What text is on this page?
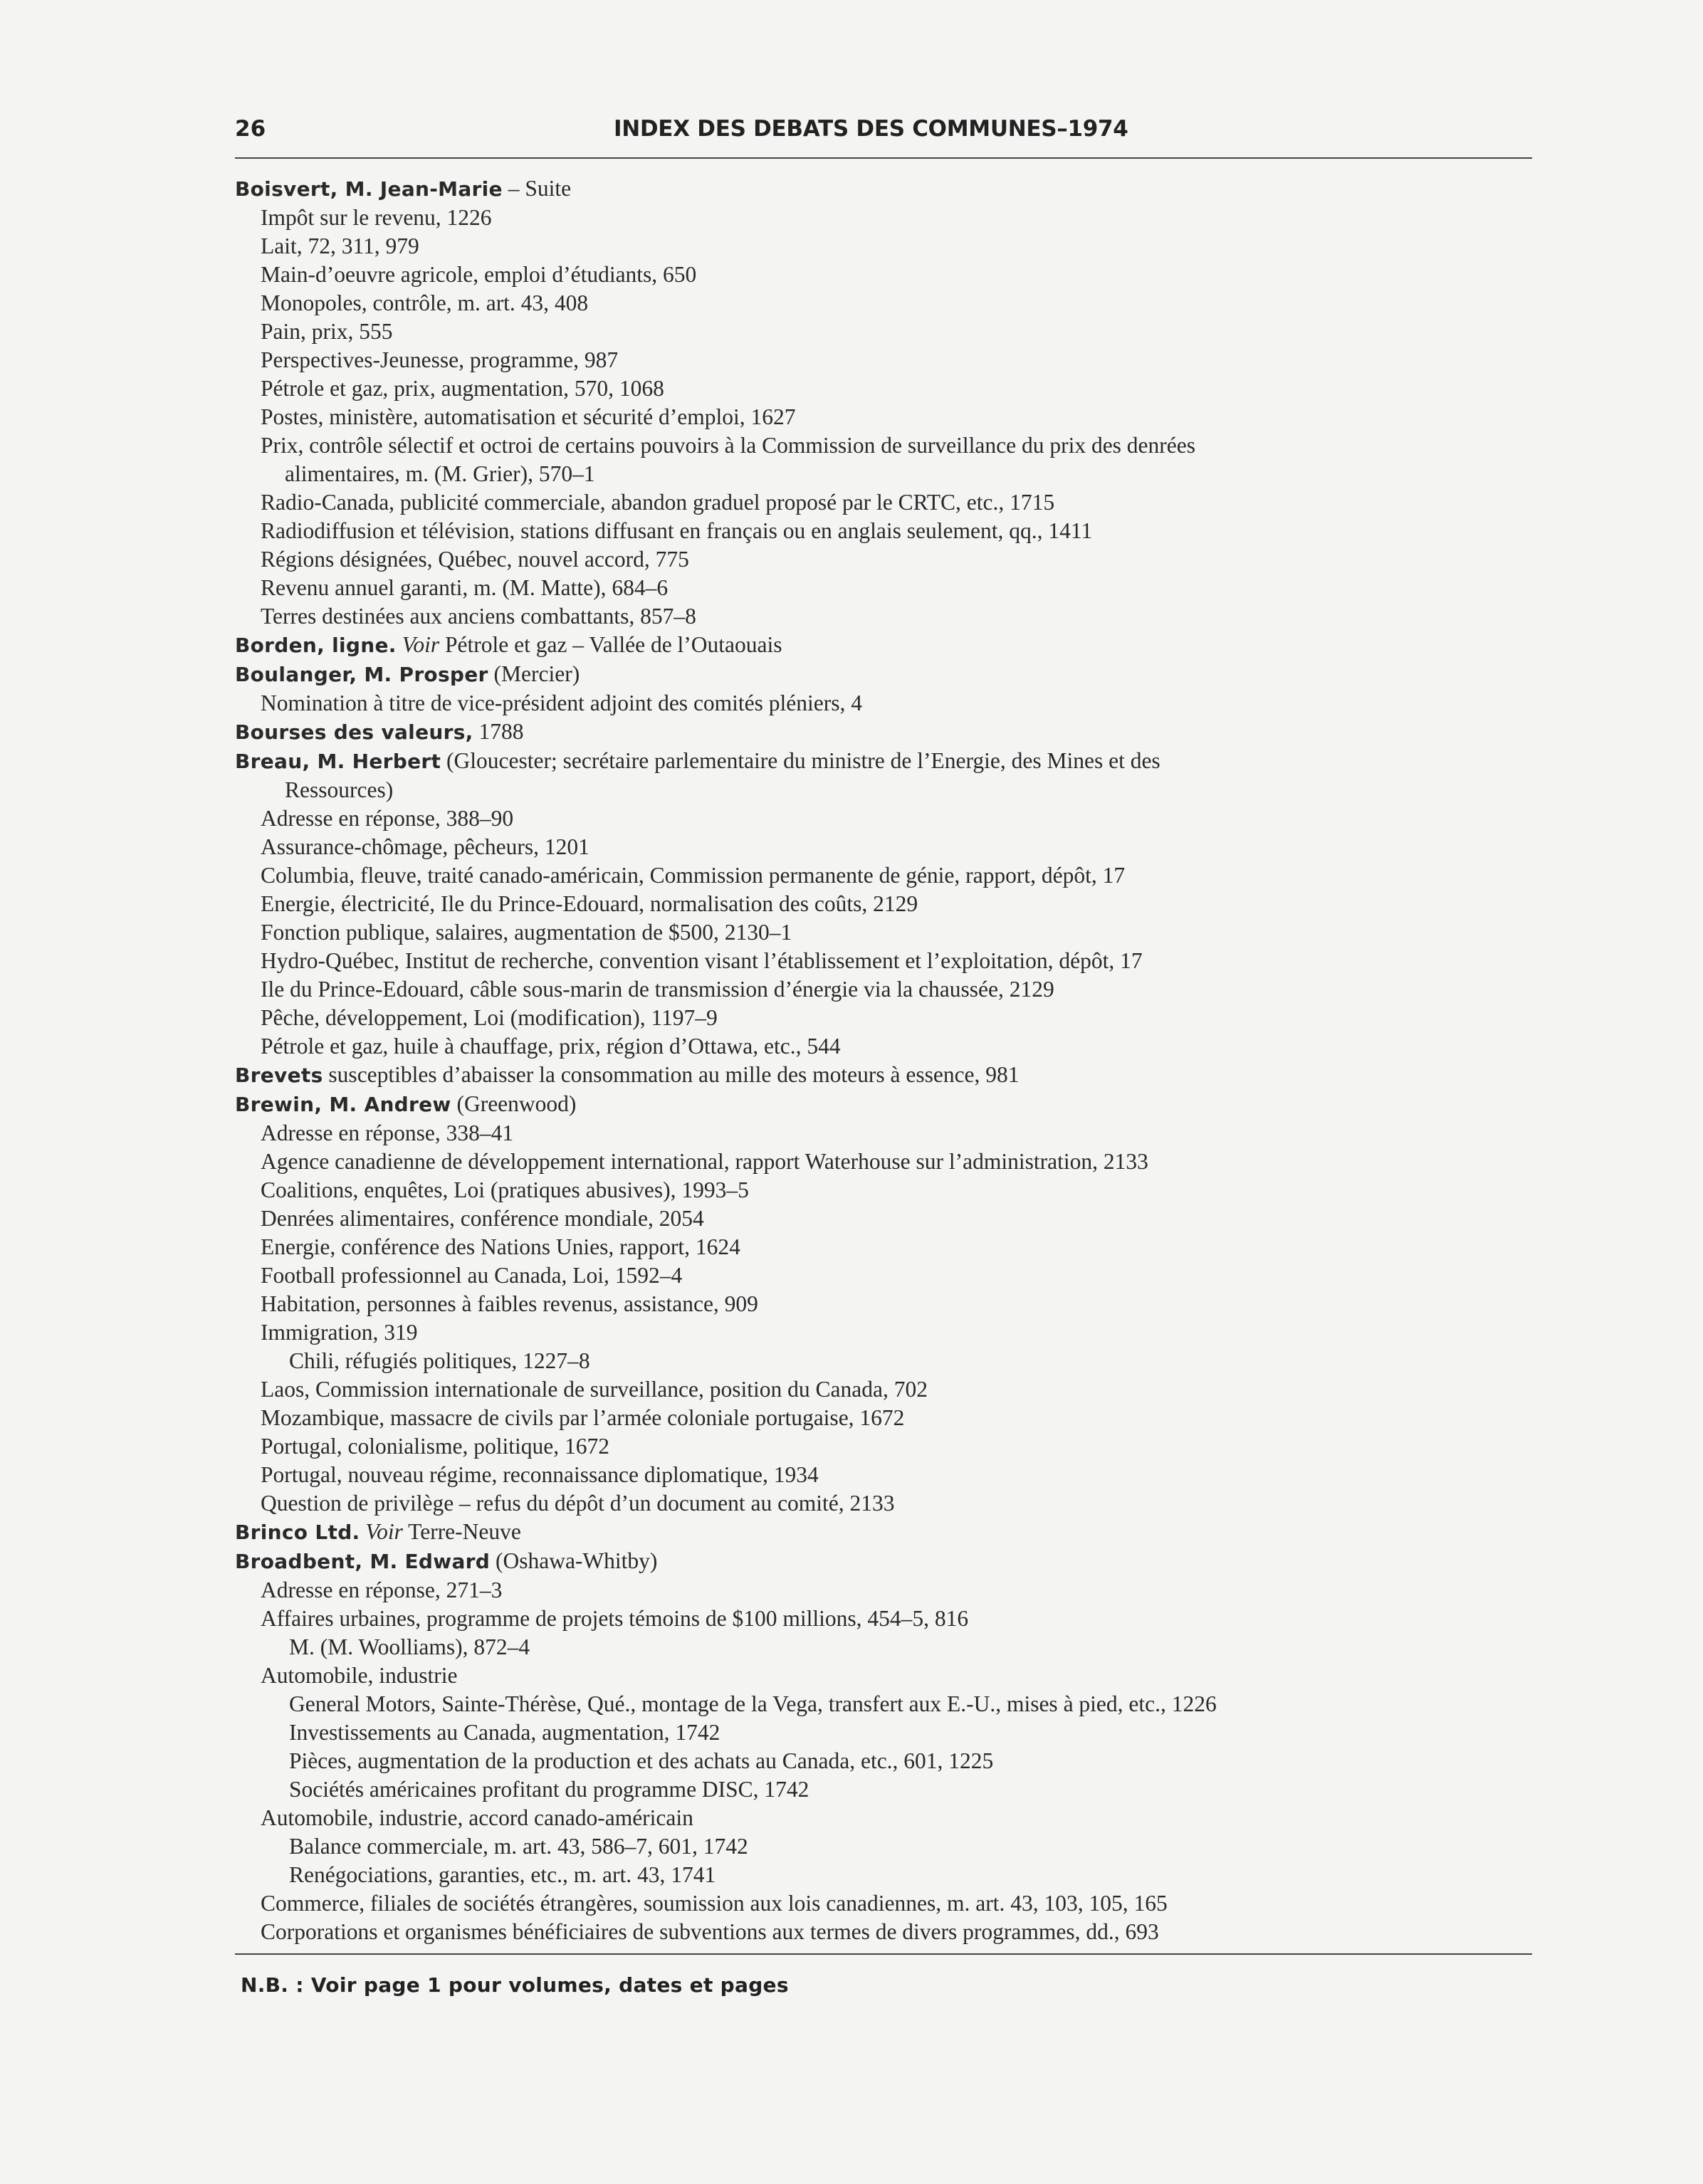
26	INDEX DES DEBATS DES COMMUNES–1974

Boisvert, M. Jean-Marie – Suite
Impôt sur le revenu, 1226
Lait, 72, 311, 979
Main-d’oeuvre agricole, emploi d’étudiants, 650
Monopoles, contrôle, m. art. 43, 408
Pain, prix, 555
Perspectives-Jeunesse, programme, 987
Pétrole et gaz, prix, augmentation, 570, 1068
Postes, ministère, automatisation et sécurité d’emploi, 1627
Prix, contrôle sélectif et octroi de certains pouvoirs à la Commission de surveillance du prix des denrées
alimentaires, m. (M. Grier), 570–1
Radio-Canada, publicité commerciale, abandon graduel proposé par le CRTC, etc., 1715
Radiodiffusion et télévision, stations diffusant en français ou en anglais seulement, qq., 1411
Régions désignées, Québec, nouvel accord, 775
Revenu annuel garanti, m. (M. Matte), 684–6
Terres destinées aux anciens combattants, 857–8
Borden, ligne. Voir Pétrole et gaz – Vallée de l’Outaouais
Boulanger, M. Prosper (Mercier)
Nomination à titre de vice-président adjoint des comités pléniers, 4
Bourses des valeurs, 1788
Breau, M. Herbert (Gloucester; secrétaire parlementaire du ministre de l’Energie, des Mines et des
Ressources)
Adresse en réponse, 388–90
Assurance-chômage, pêcheurs, 1201
Columbia, fleuve, traité canado-américain, Commission permanente de génie, rapport, dépôt, 17
Energie, électricité, Ile du Prince-Edouard, normalisation des coûts, 2129
Fonction publique, salaires, augmentation de $500, 2130–1
Hydro-Québec, Institut de recherche, convention visant l’établissement et l’exploitation, dépôt, 17
Ile du Prince-Edouard, câble sous-marin de transmission d’énergie via la chaussée, 2129
Pêche, développement, Loi (modification), 1197–9
Pétrole et gaz, huile à chauffage, prix, région d’Ottawa, etc., 544
Brevets susceptibles d’abaisser la consommation au mille des moteurs à essence, 981
Brewin, M. Andrew (Greenwood)
Adresse en réponse, 338–41
Agence canadienne de développement international, rapport Waterhouse sur l’administration, 2133
Coalitions, enquêtes, Loi (pratiques abusives), 1993–5
Denrées alimentaires, conférence mondiale, 2054
Energie, conférence des Nations Unies, rapport, 1624
Football professionnel au Canada, Loi, 1592–4
Habitation, personnes à faibles revenus, assistance, 909
Immigration, 319
Chili, réfugiés politiques, 1227–8
Laos, Commission internationale de surveillance, position du Canada, 702
Mozambique, massacre de civils par l’armée coloniale portugaise, 1672
Portugal, colonialisme, politique, 1672
Portugal, nouveau régime, reconnaissance diplomatique, 1934
Question de privilège – refus du dépôt d’un document au comité, 2133
Brinco Ltd. Voir Terre-Neuve
Broadbent, M. Edward (Oshawa-Whitby)
Adresse en réponse, 271–3
Affaires urbaines, programme de projets témoins de $100 millions, 454–5, 816
M. (M. Woolliams), 872–4
Automobile, industrie
General Motors, Sainte-Thérèse, Qué., montage de la Vega, transfert aux E.-U., mises à pied, etc., 1226
Investissements au Canada, augmentation, 1742
Pièces, augmentation de la production et des achats au Canada, etc., 601, 1225
Sociétés américaines profitant du programme DISC, 1742
Automobile, industrie, accord canado-américain
Balance commerciale, m. art. 43, 586–7, 601, 1742
Renégociations, garanties, etc., m. art. 43, 1741
Commerce, filiales de sociétés étrangères, soumission aux lois canadiennes, m. art. 43, 103, 105, 165
Corporations et organismes bénéficiaires de subventions aux termes de divers programmes, dd., 693

N.B. : Voir page 1 pour volumes, dates et pages
